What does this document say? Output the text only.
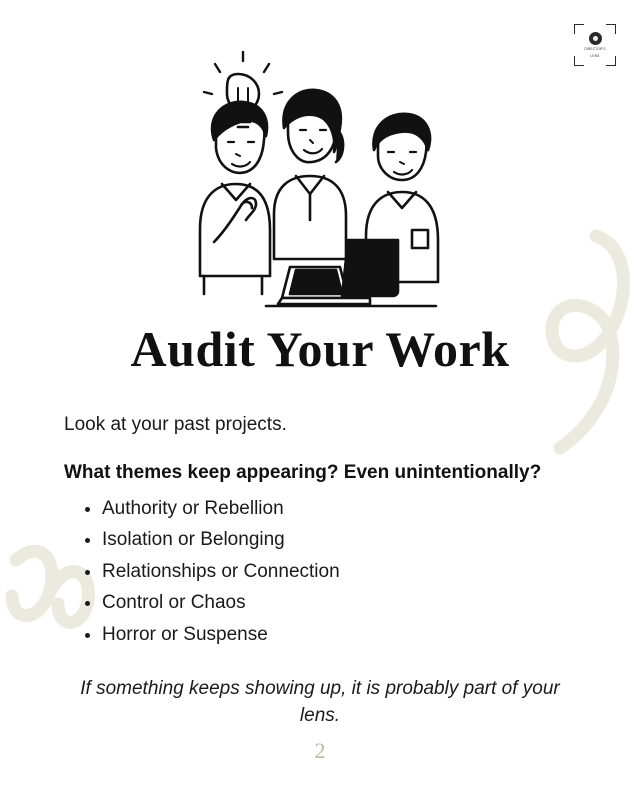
DIRECTOR'S
LENS
Audit Your Work

Look at your past projects.

What themes keep appearing? Even unintentionally?

• Authority or Rebellion
• Isolation or Belonging
• Relationships or Connection
• Control or Chaos
• Horror or Suspense

If something keeps showing up, it is probably part of your lens.

2
